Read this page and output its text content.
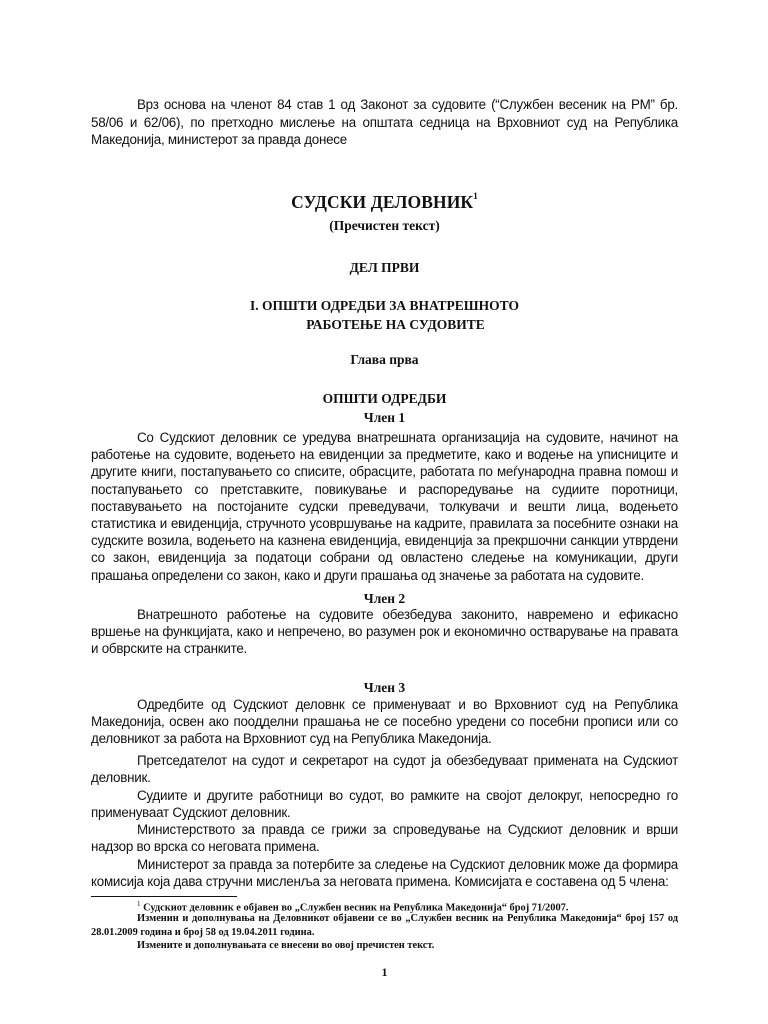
Врз основа на членот 84 став 1 од Законот за судовите (“Службен весеник на РМ” бр. 58/06 и 62/06), по претходно мислење на општата седница на Врховниот суд на Република Македонија, министерот за правда донесе
СУДСКИ ДЕЛОВНИК$^1$
(Пречистен текст)
ДЕЛ ПРВИ
I. ОПШТИ ОДРЕДБИ ЗА ВНАТРЕШНОТО
РАБОТЕЊЕ НА СУДОВИТЕ
Глава прва
ОПШТИ ОДРЕДБИ
Член 1
Со Судскиот деловник се уредува внатрешната организација на судовите, начинот на работење на судовите, водењето на евиденции за предметите, како и водење на уписниците и другите книги, постапувањето со списите, обрасците, работата по меѓународна правна помош и постапувањето со претставките, повикување и распоредување на судиите поротници, поставувањето на постојаните судски преведувачи, толкувачи и вешти лица, водењето статистика и евиденција, стручното усовршување на кадрите, правилата за посебните ознаки на судските возила, водењето на казнена евиденција, евиденција за прекршочни санкции утврдени со закон, евиденција за податоци собрани од овластено следење на комуникации, други прашања определени со закон, како и други прашања од значење за работата на судовите.
Член 2
Внатрешното работење на судовите обезбедува законито, навремено и ефикасно вршење на функцијата, како и непречено, во разумен рок и економично остварување на правата и обврските на странките.
Член 3
Одредбите од Судскиот деловнк се применуваат и во Врховниот суд на Република Македонија, освен ако поодделни прашања не се посебно уредени со посебни прописи или со деловникот за работа на Врховниот суд на Република Македонија.
Претседателот на судот и секретарот на судот ја обезбедуваат примената на Судскиот деловник.
Судиите и другите работници во судот, во рамките на својот делокруг, непосредно го применуваат Судскиот деловник.
Министерството за правда се грижи за спроведување на Судскиот деловник и врши надзор во врска со неговата примена.
Министерот за правда за потербите за следење на Судскиот деловник може да формира комисија која дава стручни мисленља за неговата примена. Комисијата е составена од 5 члена:
$^1$ Судскиот деловник е објавен во „Службен весник на Република Македонија“ број 71/2007.
Изменин и дополнувања на Деловникот објавени се во „Службен весник на Република Македонија“ број 157 од 28.01.2009 година и број 58 од 19.04.2011 година.
Измените и дополнувањата се внесени во овој пречистен текст.
1
